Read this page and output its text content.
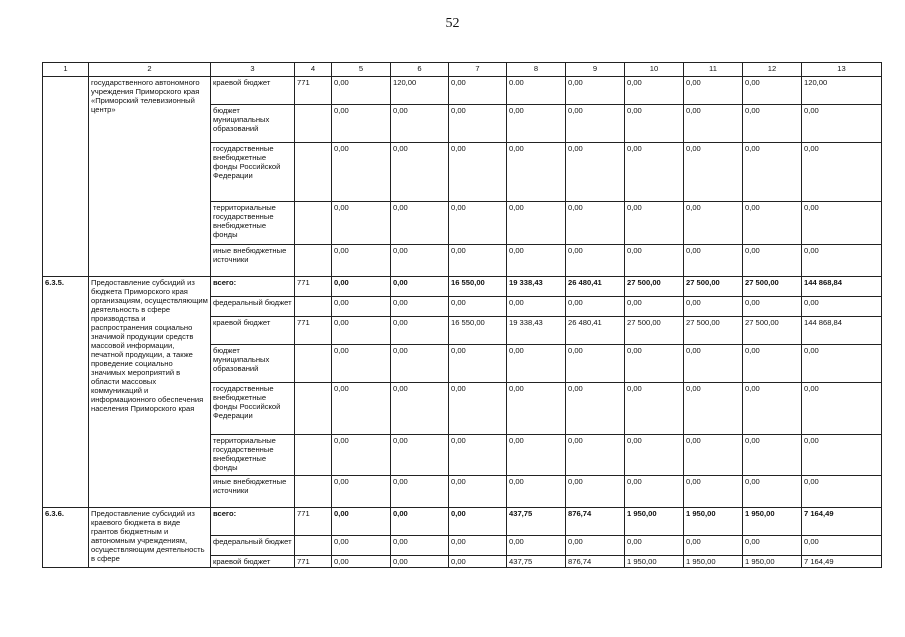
52
1	2	3	4	5	6	7	8	9	10	11	12	13
	государственного автономного учреждения Приморского края «Приморский телевизионный центр»	краевой бюджет	771	0,00	120,00	0,00	0.00	0,00	0,00	0,00	0,00	120,00
		бюджет муниципальных образований		0,00	0,00	0,00	0,00	0,00	0,00	0,00	0,00	0,00
		государственные внебюджетные фонды Российской Федерации		0,00	0,00	0,00	0,00	0,00	0,00	0,00	0,00	0,00
		территориальные государственные внебюджетные фонды		0,00	0,00	0,00	0,00	0,00	0,00	0,00	0,00	0,00
		иные внебюджетные источники		0,00	0,00	0,00	0,00	0,00	0,00	0,00	0,00	0,00
6.3.5.	Предоставление субсидий из бюджета Приморского края организациям, осуществляющим деятельность в сфере производства и распространения социально значимой продукции средств массовой информации, печатной продукции, а также проведение социально значимых мероприятий в области массовых коммуникаций и информационного обеспечения населения Приморского края	всего:	771	0,00	0,00	16 550,00	19 338,43	26 480,41	27 500,00	27 500,00	27 500,00	144 868,84
		федеральный бюджет		0,00	0,00	0,00	0,00	0,00	0,00	0,00	0,00	0,00
		краевой бюджет	771	0,00	0,00	16 550,00	19 338,43	26 480,41	27 500,00	27 500,00	27 500,00	144 868,84
		бюджет муниципальных образований		0,00	0,00	0,00	0,00	0,00	0,00	0,00	0,00	0,00
		государственные внебюджетные фонды Российской Федерации		0,00	0,00	0,00	0,00	0,00	0,00	0,00	0,00	0,00
		территориальные государственные внебюджетные фонды		0,00	0,00	0,00	0,00	0,00	0,00	0,00	0,00	0,00
		иные внебюджетные источники		0,00	0,00	0,00	0,00	0,00	0,00	0,00	0,00	0,00
6.3.6.	Предоставление субсидий из краевого бюджета в виде грантов бюджетным и автономным учреждениям, осуществляющим деятельность в сфере	всего:	771	0,00	0,00	0,00	437,75	876,74	1 950,00	1 950,00	1 950,00	7 164,49
		федеральный бюджет		0,00	0,00	0,00	0,00	0,00	0,00	0,00	0,00	0,00
		краевой бюджет	771	0,00	0,00	0,00	437,75	876,74	1 950,00	1 950,00	1 950,00	7 164,49
